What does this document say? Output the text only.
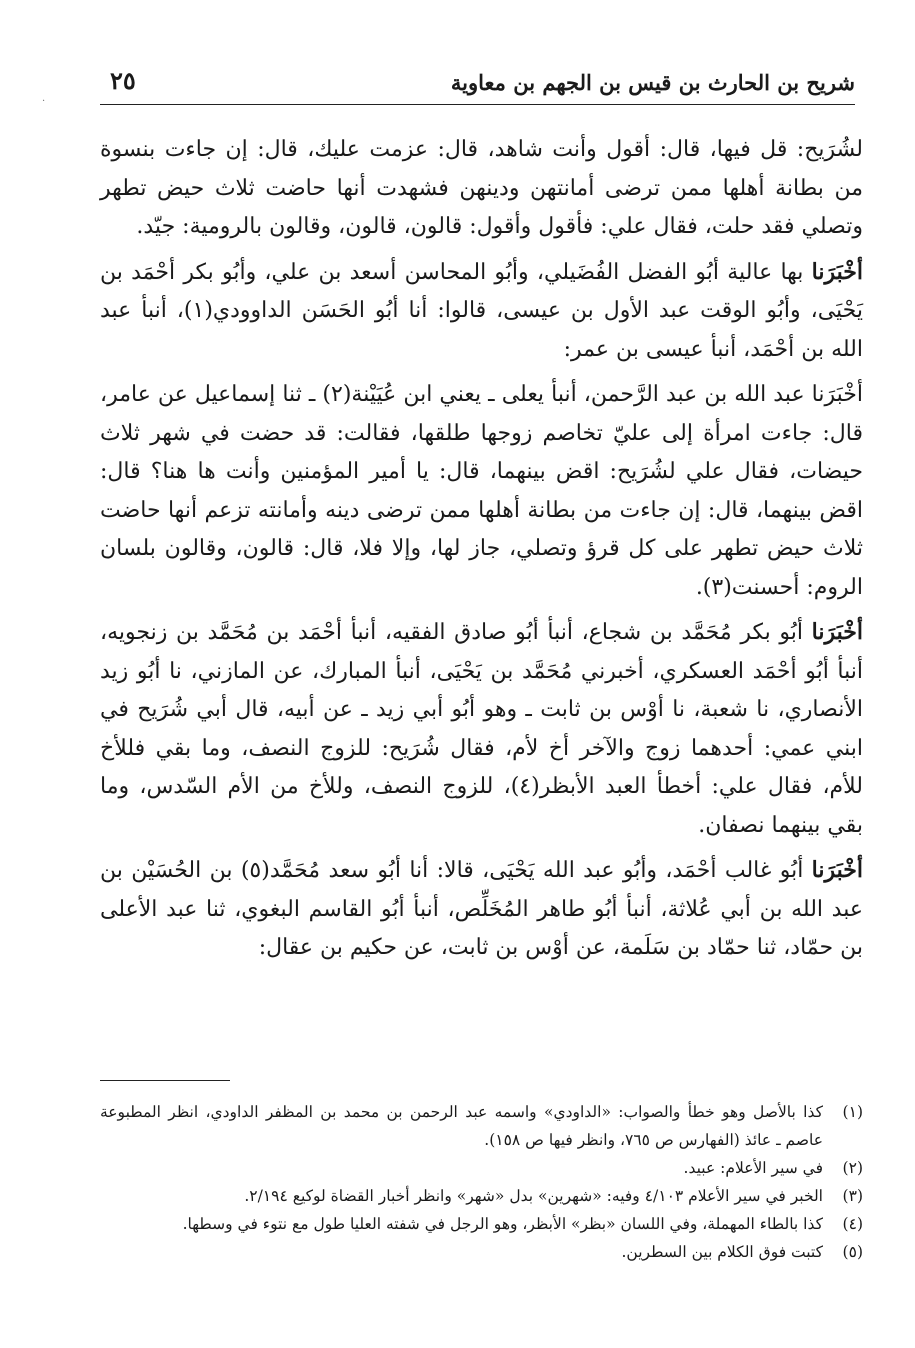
شريح بن الحارث بن قيس بن الجهم بن معاوية
٢٥
·

لشُرَيح: قل فيها، قال: أقول وأنت شاهد، قال: عزمت عليك، قال: إن جاءت بنسوة من بطانة أهلها ممن ترضى أمانتهن ودينهن فشهدت أنها حاضت ثلاث حيض تطهر وتصلي فقد حلت، فقال علي: فأقول وأقول: قالون، قالون، وقالون بالرومية: جيّد.

أخْبَرَنا بها عالية أبُو الفضل الفُضَيلي، وأبُو المحاسن أسعد بن علي، وأبُو بكر أحْمَد بن يَحْيَى، وأبُو الوقت عبد الأول بن عيسى، قالوا: أنا أبُو الحَسَن الداوودي(١)، أنبأ عبد الله بن أحْمَد، أنبأ عيسى بن عمر:

أخْبَرَنا عبد الله بن عبد الرَّحمن، أنبأ يعلى ـ يعني ابن عُيَيْنة(٢) ـ ثنا إسماعيل عن عامر، قال: جاءت امرأة إلى عليّ تخاصم زوجها طلقها، فقالت: قد حضت في شهر ثلاث حيضات، فقال علي لشُرَيح: اقض بينهما، قال: يا أمير المؤمنين وأنت ها هنا؟ قال: اقض بينهما، قال: إن جاءت من بطانة أهلها ممن ترضى دينه وأمانته تزعم أنها حاضت ثلاث حيض تطهر على كل قرؤ وتصلي، جاز لها، وإلا فلا، قال: قالون، وقالون بلسان الروم: أحسنت(٣).

أخْبَرَنا أبُو بكر مُحَمَّد بن شجاع، أنبأ أبُو صادق الفقيه، أنبأ أحْمَد بن مُحَمَّد بن زنجويه، أنبأ أبُو أحْمَد العسكري، أخبرني مُحَمَّد بن يَحْيَى، أنبأ المبارك، عن المازني، نا أبُو زيد الأنصاري، نا شعبة، نا أوْس بن ثابت ـ وهو أبُو أبي زيد ـ عن أبيه، قال أبي شُرَيح في ابني عمي: أحدهما زوج والآخر أخ لأم، فقال شُرَيح: للزوج النصف، وما بقي فللأخ للأم، فقال علي: أخطأ العبد الأبظر(٤)، للزوج النصف، وللأخ من الأم السّدس، وما بقي بينهما نصفان.

أخْبَرَنا أبُو غالب أحْمَد، وأبُو عبد الله يَحْيَى، قالا: أنا أبُو سعد مُحَمَّد(٥) بن الحُسَيْن بن عبد الله بن أبي عُلاثة، أنبأ أبُو طاهر المُخَلِّص، أنبأ أبُو القاسم البغوي، ثنا عبد الأعلى بن حمّاد، ثنا حمّاد بن سَلَمة، عن أوْس بن ثابت، عن حكيم بن عقال:

(١)
كذا بالأصل وهو خطأ والصواب: «الداودي» واسمه عبد الرحمن بن محمد بن المظفر الداودي، انظر المطبوعة عاصم ـ عائذ (الفهارس ص ٧٦٥، وانظر فيها ص ١٥٨).
(٢)
في سير الأعلام: عبيد.
(٣)
الخبر في سير الأعلام ٤/١٠٣ وفيه: «شهرين» بدل «شهر» وانظر أخبار القضاة لوكيع ٢/١٩٤.
(٤)
كذا بالطاء المهملة، وفي اللسان «بظر» الأبظر، وهو الرجل في شفته العليا طول مع نتوء في وسطها.
(٥)
كتبت فوق الكلام بين السطرين.
